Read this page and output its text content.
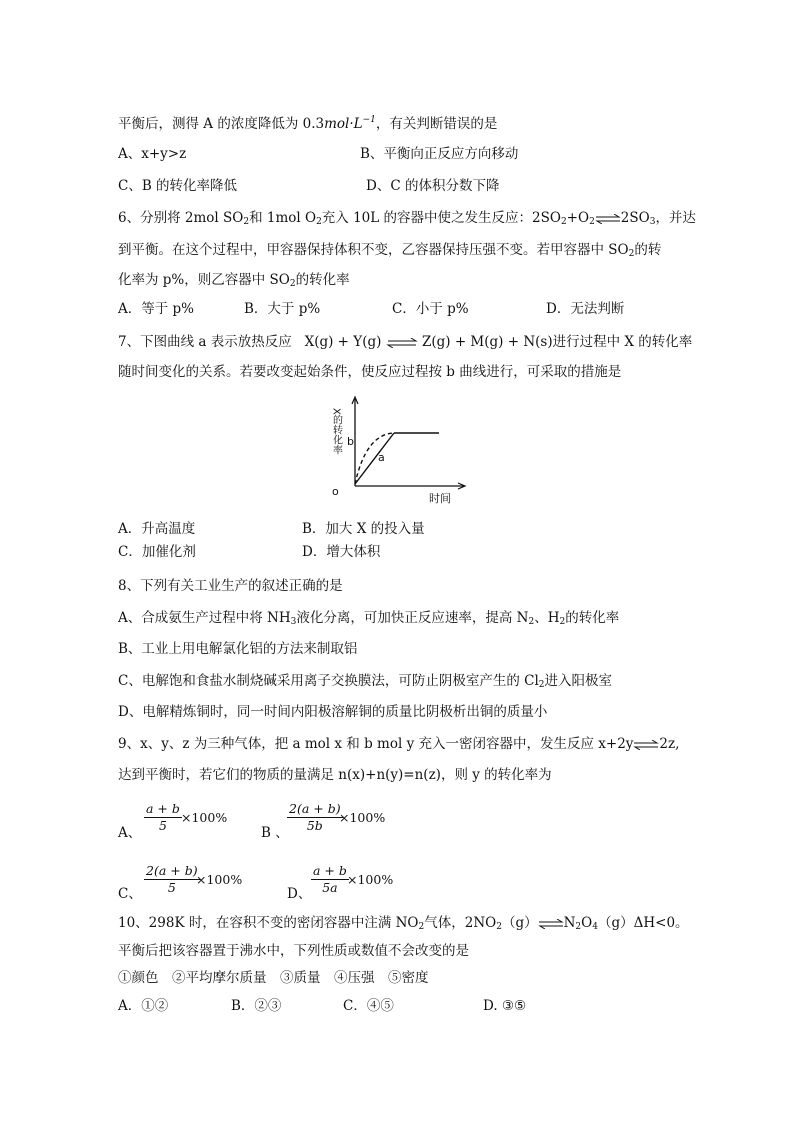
平衡后，测得 A 的浓度降低为 $0.3mol\cdot L^{-1}$，有关判断错误的是
A、x+y>z	B、平衡向正反应方向移动
C、B 的转化率降低	D、C 的体积分数下降
6、分别将 2mol $SO_2$和 1mol $O_2$充入 10L 的容器中使之发生反应：$2SO_2+O_2\rightleftharpoons 2SO_3$，并达
到平衡。在这个过程中，甲容器保持体积不变，乙容器保持压强不变。若甲容器中 $SO_2$的转
化率为 p%，则乙容器中 $SO_2$的转化率
A．等于 p%	B．大于 p%	C．小于 p%	D．无法判断
7、下图曲线 a 表示放热反应 X(g) + Y(g) ⇌ Z(g) + M(g) + N(s)进行过程中 X 的转化率
随时间变化的关系。若要改变起始条件，使反应过程按 b 曲线进行，可采取的措施是
X的转化率
时间
o
b
a
A．升高温度	B．加大 X 的投入量
C．加催化剂	D．增大体积
8、下列有关工业生产的叙述正确的是
A、合成氨生产过程中将 $NH_3$液化分离，可加快正反应速率，提高 $N_2$、$H_2$的转化率
B、工业上用电解氯化铝的方法来制取铝
C、电解饱和食盐水制烧碱采用离子交换膜法，可防止阴极室产生的 $Cl_2$进入阳极室
D、电解精炼铜时，同一时间内阳极溶解铜的质量比阴极析出铜的质量小
9、x、y、z 为三种气体，把 a mol x 和 b mol y 充入一密闭容器中，发生反应 x+2y⇌2z,
达到平衡时，若它们的物质的量满足 n(x)+n(y)=n(z)，则 y 的转化率为
A、 $\frac{a + b}{5} \times 100\%$
B 、
$\frac{2(a + b)}{5b}$
×100%
C、 $\frac{2(a + b)}{5}$
×100%
D、 $\frac{a + b}{5a}$
×100%
10、298K 时，在容积不变的密闭容器中注满 $NO_2$气体，$2NO_2(g)\rightleftharpoons N_2O_4(g)\Delta H<0$。
平衡后把该容器置于沸水中，下列性质或数值不会改变的是
①颜色　②平均摩尔质量　③质量　④压强　⑤密度
A．①②	B．②③	C．④⑤	D. ③⑤
